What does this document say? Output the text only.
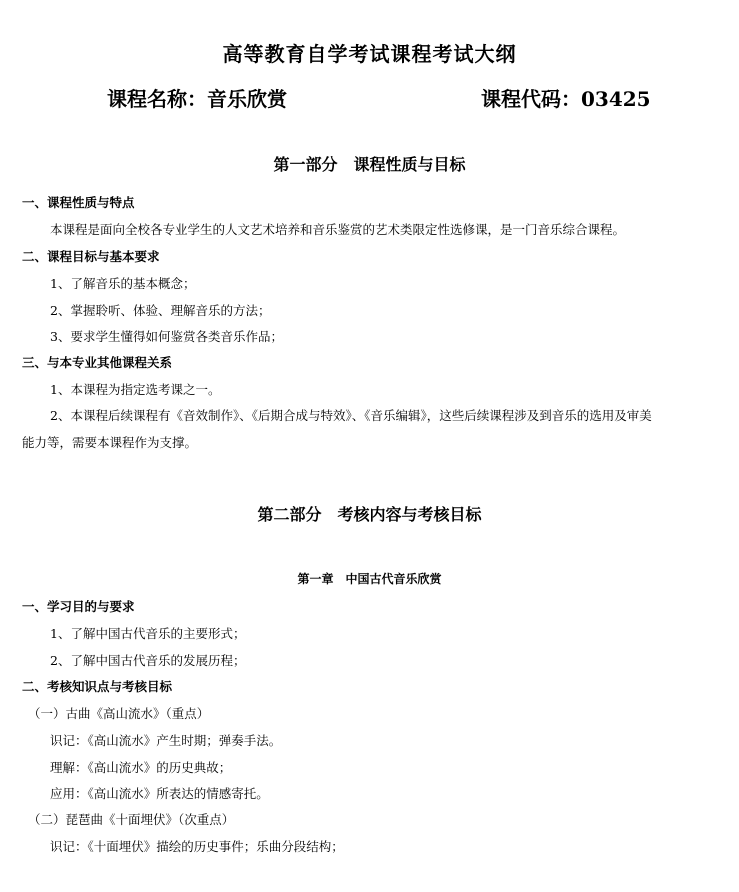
高等教育自学考试课程考试大纲
课程名称：音乐欣赏	课程代码：03425
第一部分　课程性质与目标
一、课程性质与特点
本课程是面向全校各专业学生的人文艺术培养和音乐鉴赏的艺术类限定性选修课，是一门音乐综合课程。
二、课程目标与基本要求
1、了解音乐的基本概念；
2、掌握聆听、体验、理解音乐的方法；
3、要求学生懂得如何鉴赏各类音乐作品；
三、与本专业其他课程关系
1、本课程为指定选考课之一。
2、本课程后续课程有《音效制作》、《后期合成与特效》、《音乐编辑》，这些后续课程涉及到音乐的选用及审美
能力等，需要本课程作为支撑。
第二部分　考核内容与考核目标
第一章　中国古代音乐欣赏
一、学习目的与要求
1、了解中国古代音乐的主要形式；
2、了解中国古代音乐的发展历程；
二、考核知识点与考核目标
（一）古曲《高山流水》（重点）
识记：《高山流水》产生时期；弹奏手法。
理解：《高山流水》的历史典故；
应用：《高山流水》所表达的情感寄托。
（二）琵琶曲《十面埋伏》（次重点）
识记：《十面埋伏》描绘的历史事件；乐曲分段结构；
